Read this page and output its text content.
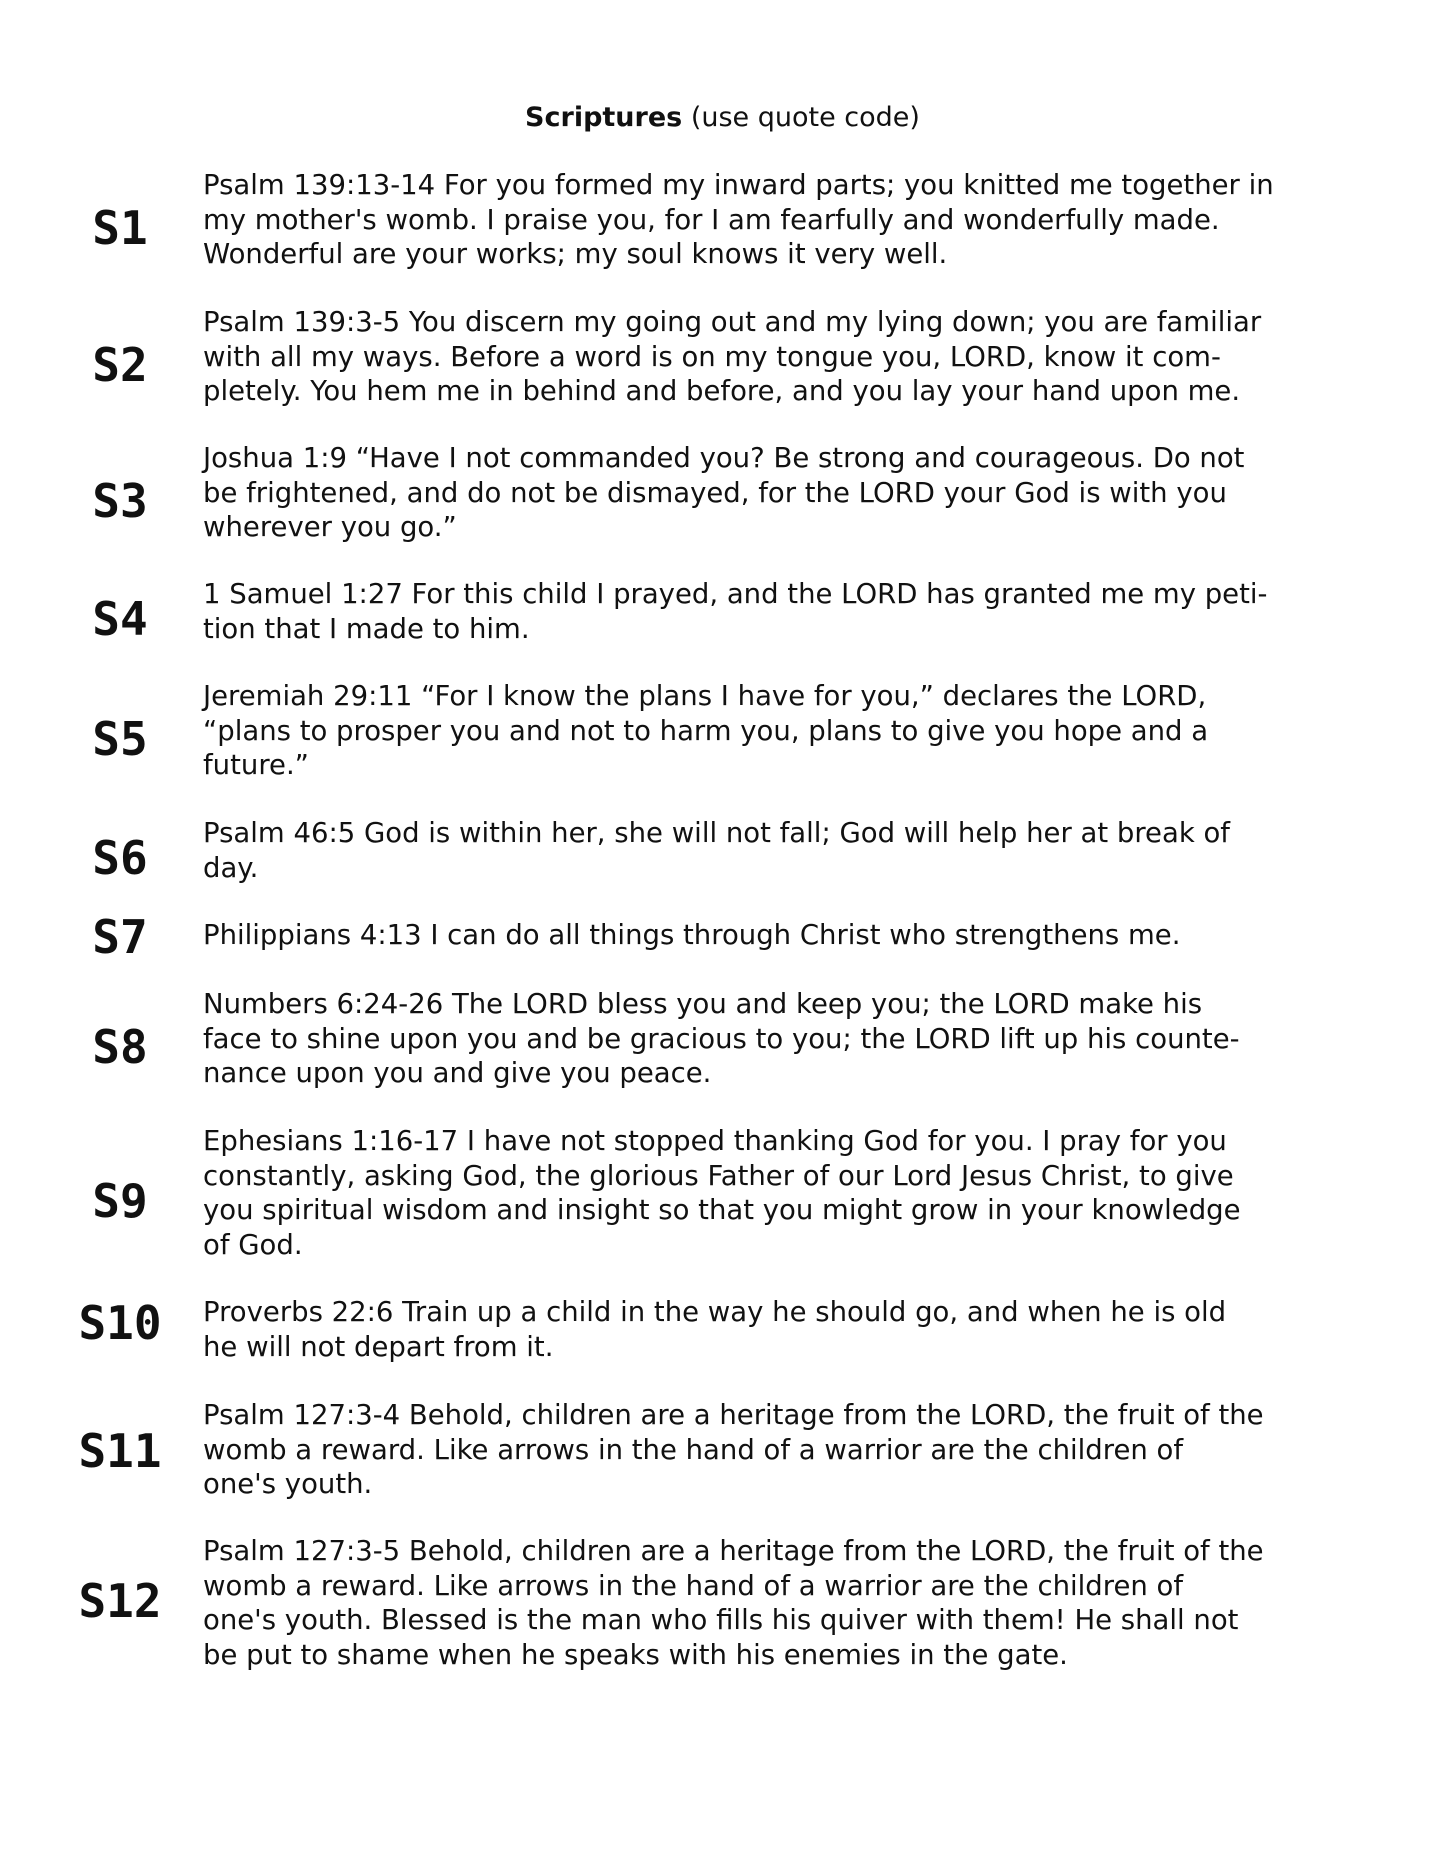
Scriptures (use quote code)
S1
Psalm 139:13-14 For you formed my inward parts; you knitted me together in
my mother's womb. I praise you, for I am fearfully and wonderfully made.
Wonderful are your works; my soul knows it very well.
S2
Psalm 139:3-5 You discern my going out and my lying down; you are familiar
with all my ways. Before a word is on my tongue you, LORD, know it com-
pletely. You hem me in behind and before, and you lay your hand upon me.
S3
Joshua 1:9 “Have I not commanded you? Be strong and courageous. Do not
be frightened, and do not be dismayed, for the LORD your God is with you
wherever you go.”
S4	1 Samuel 1:27 For this child I prayed, and the LORD has granted me my peti-
tion that I made to him.
S5
Jeremiah 29:11 “For I know the plans I have for you,” declares the LORD,
“plans to prosper you and not to harm you, plans to give you hope and a
future.”
S6	Psalm 46:5 God is within her, she will not fall; God will help her at break of
day.
S7	Philippians 4:13 I can do all things through Christ who strengthens me.
S8
Numbers 6:24-26 The LORD bless you and keep you; the LORD make his
face to shine upon you and be gracious to you; the LORD lift up his counte-
nance upon you and give you peace.
S9
Ephesians 1:16-17 I have not stopped thanking God for you. I pray for you
constantly, asking God, the glorious Father of our Lord Jesus Christ, to give
you spiritual wisdom and insight so that you might grow in your knowledge
of God.
S10	Proverbs 22:6 Train up a child in the way he should go, and when he is old
he will not depart from it.
S11
Psalm 127:3-4 Behold, children are a heritage from the LORD, the fruit of the
womb a reward. Like arrows in the hand of a warrior are the children of
one's youth.
S12
Psalm 127:3-5 Behold, children are a heritage from the LORD, the fruit of the
womb a reward. Like arrows in the hand of a warrior are the children of
one's youth. Blessed is the man who fills his quiver with them! He shall not
be put to shame when he speaks with his enemies in the gate.
